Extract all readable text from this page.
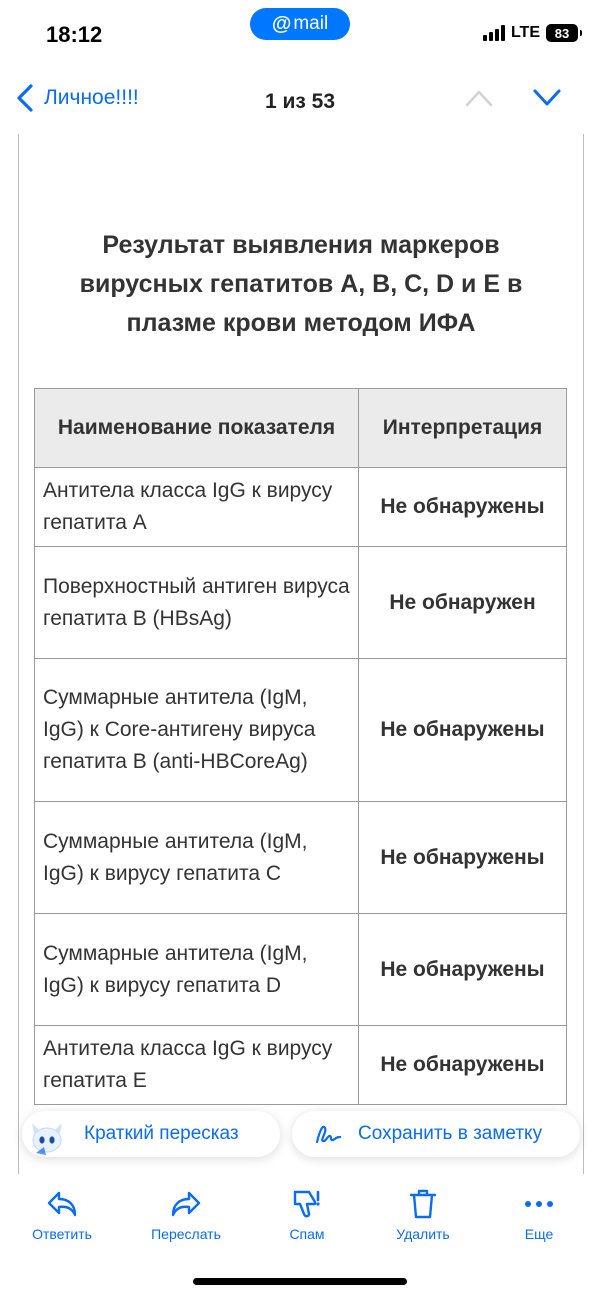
18:12	@ mail	LTE 83
1 из 53
Личное!!!!
Результат выявления маркеров
вирусных гепатитов A, B, C, D и E в
плазме крови методом ИФА
Наименование показателя	Интерпретация
Антитела класса IgG к вирусу гепатита A	Не обнаружены
Поверхностный антиген вируса гепатита B (HBsAg)	Не обнаружен
Суммарные антитела (IgM, IgG) к Core-антигену вируса гепатита B (anti-HBCoreAg)	Не обнаружены
Суммарные антитела (IgM, IgG) к вирусу гепатита C	Не обнаружены
Суммарные антитела (IgM, IgG) к вирусу гепатита D	Не обнаружены
Антитела класса IgG к вирусу гепатита E	Не обнаружены
Краткий пересказ	Сохранить в заметку
Ответить	Переслать	Спам	Удалить	Еще
